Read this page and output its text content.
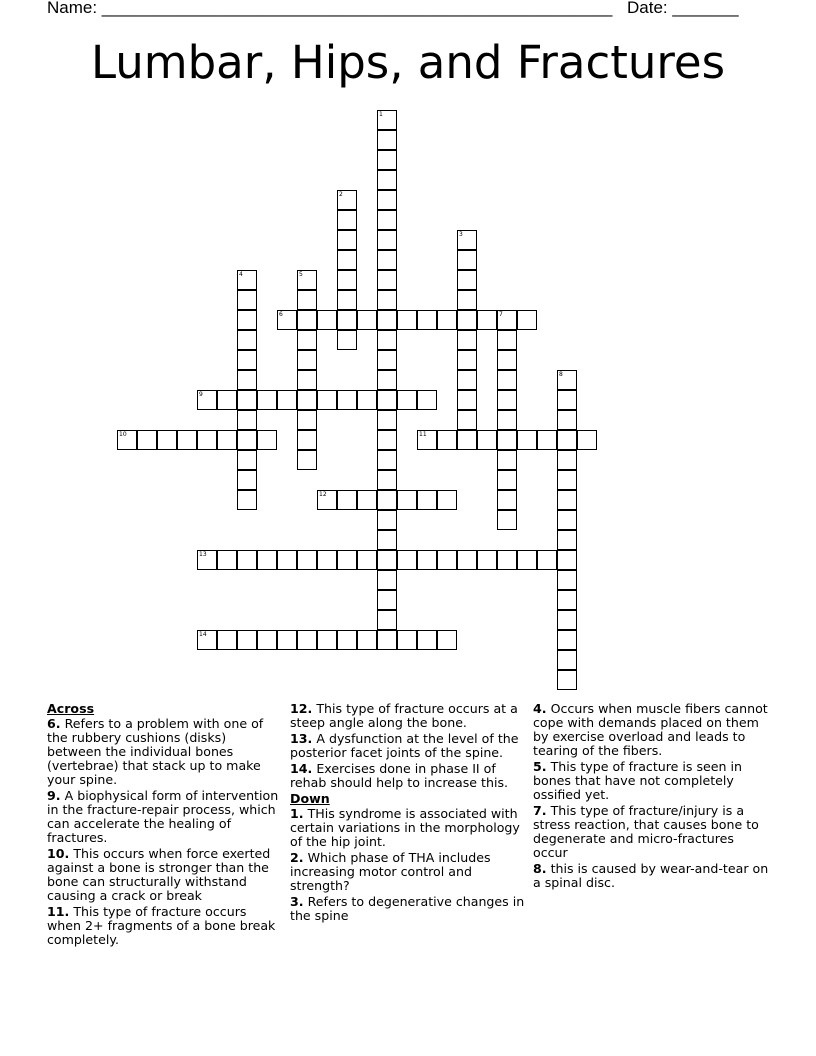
Name: ______________________________________________________ Date: _______
Lumbar, Hips, and Fractures
1
2
3
4	5
6	7
8
9
10	11
12
13
14
Across
6. Refers to a problem with one of the rubbery cushions (disks) between the individual bones (vertebrae) that stack up to make your spine.
9. A biophysical form of intervention in the fracture-repair process, which can accelerate the healing of fractures.
10. This occurs when force exerted against a bone is stronger than the bone can structurally withstand causing a crack or break
11. This type of fracture occurs when 2+ fragments of a bone break completely.
12. This type of fracture occurs at a steep angle along the bone.
13. A dysfunction at the level of the posterior facet joints of the spine.
14. Exercises done in phase II of rehab should help to increase this.
Down
1. THis syndrome is associated with certain variations in the morphology of the hip joint.
2. Which phase of THA includes increasing motor control and strength?
3. Refers to degenerative changes in the spine
4. Occurs when muscle fibers cannot cope with demands placed on them by exercise overload and leads to tearing of the fibers.
5. This type of fracture is seen in bones that have not completely ossified yet.
7. This type of fracture/injury is a stress reaction, that causes bone to degenerate and micro-fractures occur
8. this is caused by wear-and-tear on a spinal disc.
